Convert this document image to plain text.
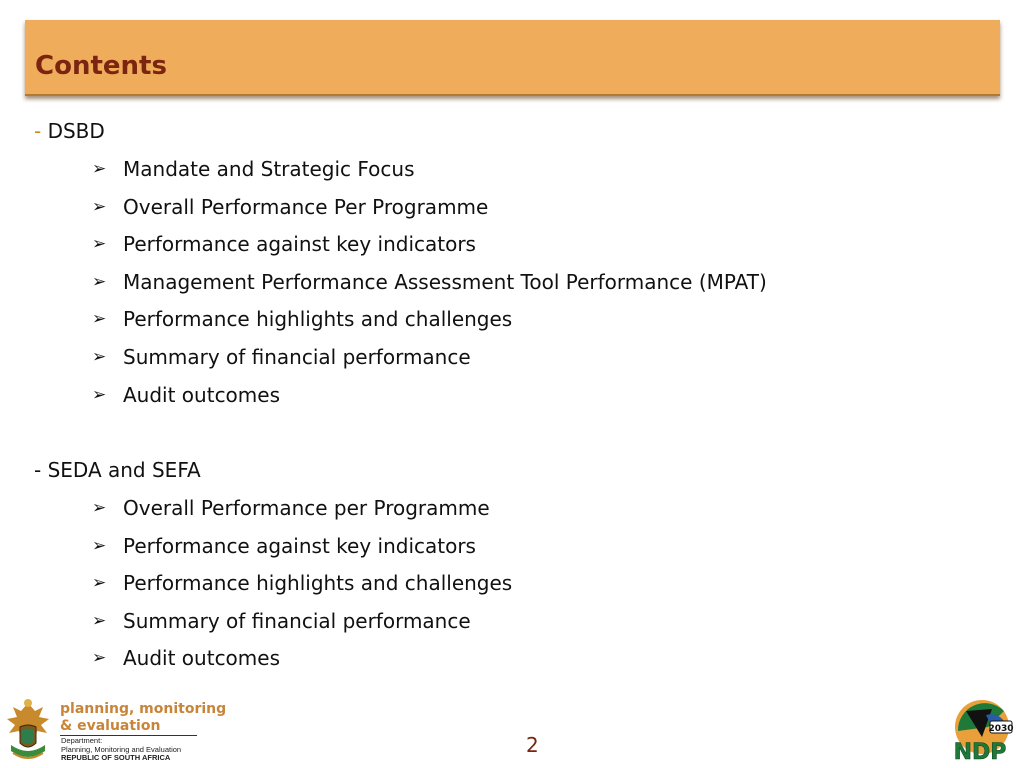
Contents
- DSBD
➢ Mandate and Strategic Focus
➢ Overall Performance Per Programme
➢ Performance against key indicators
➢ Management Performance Assessment Tool Performance (MPAT)
➢ Performance highlights and challenges
➢ Summary of financial performance
➢ Audit outcomes
- SEDA and SEFA
➢ Overall Performance per Programme
➢ Performance against key indicators
➢ Performance highlights and challenges
➢ Summary of financial performance
➢ Audit outcomes
planning, monitoring
& evaluation
Department:
Planning, Monitoring and Evaluation
REPUBLIC OF SOUTH AFRICA
2
2030
NDP
